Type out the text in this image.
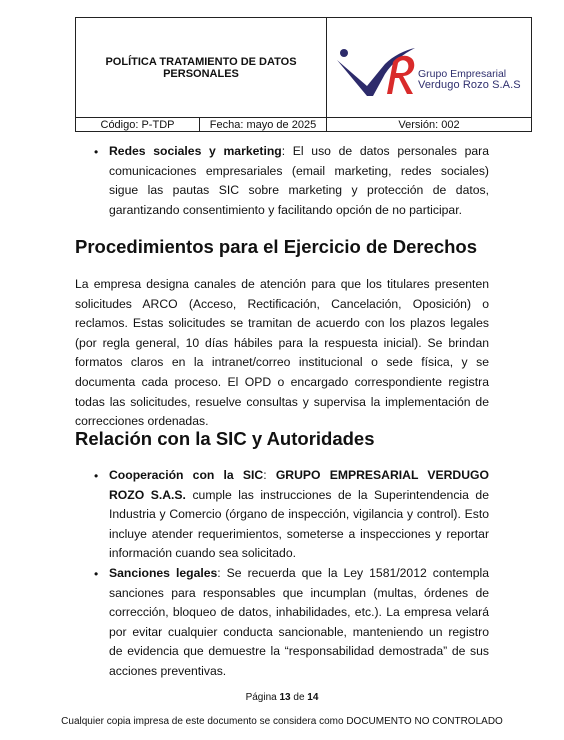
POLÍTICA TRATAMIENTO DE DATOS
PERSONALES	Grupo Empresarial
Verdugo Rozo S.A.S
Código: P-TDP	Fecha: mayo de 2025	Versión: 002
• Redes sociales y marketing: El uso de datos personales para comunicaciones empresariales (email marketing, redes sociales) sigue las pautas SIC sobre marketing y protección de datos, garantizando consentimiento y facilitando opción de no participar.
Procedimientos para el Ejercicio de Derechos
La empresa designa canales de atención para que los titulares presenten solicitudes ARCO (Acceso, Rectificación, Cancelación, Oposición) o reclamos. Estas solicitudes se tramitan de acuerdo con los plazos legales (por regla general, 10 días hábiles para la respuesta inicial). Se brindan formatos claros en la intranet/correo institucional o sede física, y se documenta cada proceso. El OPD o encargado correspondiente registra todas las solicitudes, resuelve consultas y supervisa la implementación de correcciones ordenadas.
Relación con la SIC y Autoridades
• Cooperación con la SIC: GRUPO EMPRESARIAL VERDUGO ROZO S.A.S. cumple las instrucciones de la Superintendencia de Industria y Comercio (órgano de inspección, vigilancia y control). Esto incluye atender requerimientos, someterse a inspecciones y reportar información cuando sea solicitado.
• Sanciones legales: Se recuerda que la Ley 1581/2012 contempla sanciones para responsables que incumplan (multas, órdenes de corrección, bloqueo de datos, inhabilidades, etc.). La empresa velará por evitar cualquier conducta sancionable, manteniendo un registro de evidencia que demuestre la “responsabilidad demostrada” de sus acciones preventivas.
Página 13 de 14
Cualquier copia impresa de este documento se considera como DOCUMENTO NO CONTROLADO
